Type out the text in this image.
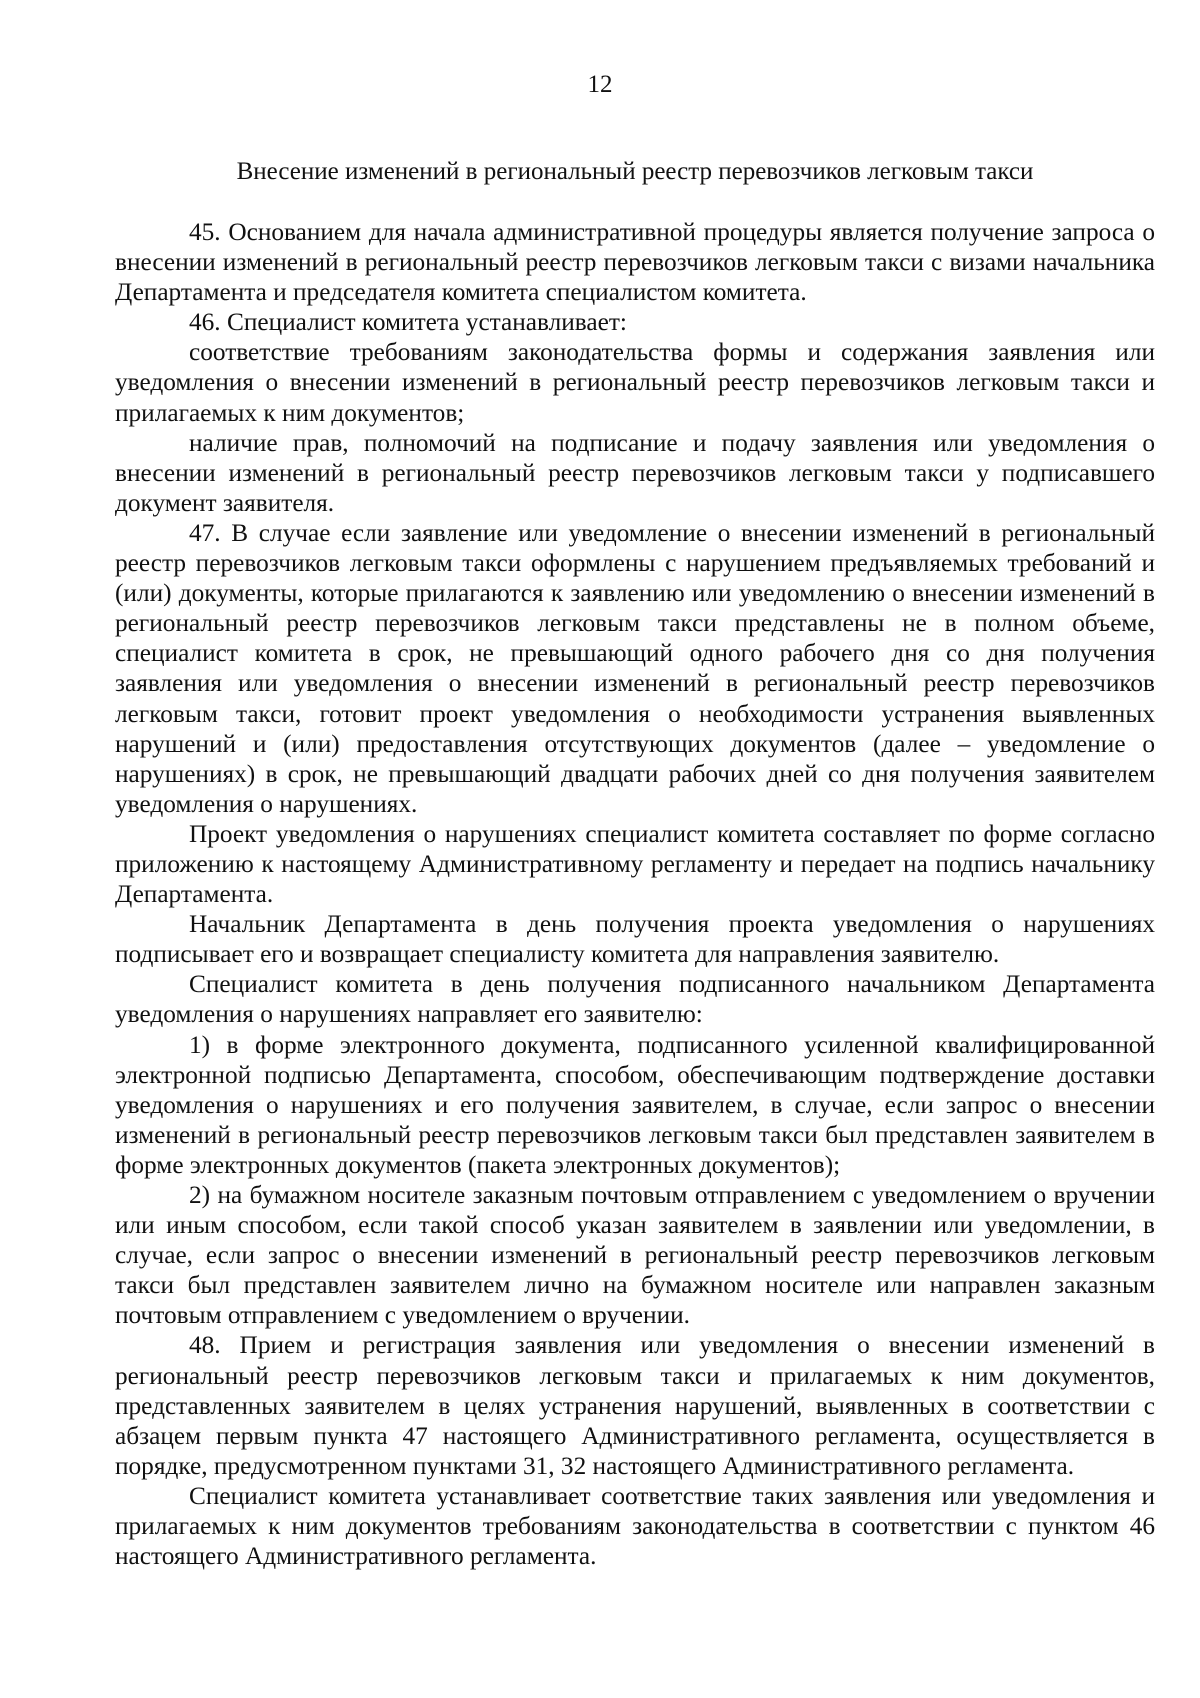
12
Внесение изменений в региональный реестр перевозчиков легковым такси

45. Основанием для начала административной процедуры является получение запроса о внесении изменений в региональный реестр перевозчиков легковым такси с визами начальника Департамента и председателя комитета специалистом комитета.

46. Специалист комитета устанавливает:

соответствие требованиям законодательства формы и содержания заявления или уведомления о внесении изменений в региональный реестр перевозчиков легковым такси и прилагаемых к ним документов;

наличие прав, полномочий на подписание и подачу заявления или уведомления о внесении изменений в региональный реестр перевозчиков легковым такси у подписавшего документ заявителя.

47. В случае если заявление или уведомление о внесении изменений в региональный реестр перевозчиков легковым такси оформлены с нарушением предъявляемых требований и (или) документы, которые прилагаются к заявлению или уведомлению о внесении изменений в региональный реестр перевозчиков легковым такси представлены не в полном объеме, специалист комитета в срок, не превышающий одного рабочего дня со дня получения заявления или уведомления о внесении изменений в региональный реестр перевозчиков легковым такси, готовит проект уведомления о необходимости устранения выявленных нарушений и (или) предоставления отсутствующих документов (далее – уведомление о нарушениях) в срок, не превышающий двадцати рабочих дней со дня получения заявителем уведомления о нарушениях.

Проект уведомления о нарушениях специалист комитета составляет по форме согласно приложению к настоящему Административному регламенту и передает на подпись начальнику Департамента.

Начальник Департамента в день получения проекта уведомления о нарушениях подписывает его и возвращает специалисту комитета для направления заявителю.

Специалист комитета в день получения подписанного начальником Департамента уведомления о нарушениях направляет его заявителю:

1) в форме электронного документа, подписанного усиленной квалифицированной электронной подписью Департамента, способом, обеспечивающим подтверждение доставки уведомления о нарушениях и его получения заявителем, в случае, если запрос о внесении изменений в региональный реестр перевозчиков легковым такси был представлен заявителем в форме электронных документов (пакета электронных документов);

2) на бумажном носителе заказным почтовым отправлением с уведомлением о вручении или иным способом, если такой способ указан заявителем в заявлении или уведомлении, в случае, если запрос о внесении изменений в региональный реестр перевозчиков легковым такси был представлен заявителем лично на бумажном носителе или направлен заказным почтовым отправлением с уведомлением о вручении.

48. Прием и регистрация заявления или уведомления о внесении изменений в региональный реестр перевозчиков легковым такси и прилагаемых к ним документов, представленных заявителем в целях устранения нарушений, выявленных в соответствии с абзацем первым пункта 47 настоящего Административного регламента, осуществляется в порядке, предусмотренном пунктами 31, 32 настоящего Административного регламента.

Специалист комитета устанавливает соответствие таких заявления или уведомления и прилагаемых к ним документов требованиям законодательства в соответствии с пунктом 46 настоящего Административного регламента.
